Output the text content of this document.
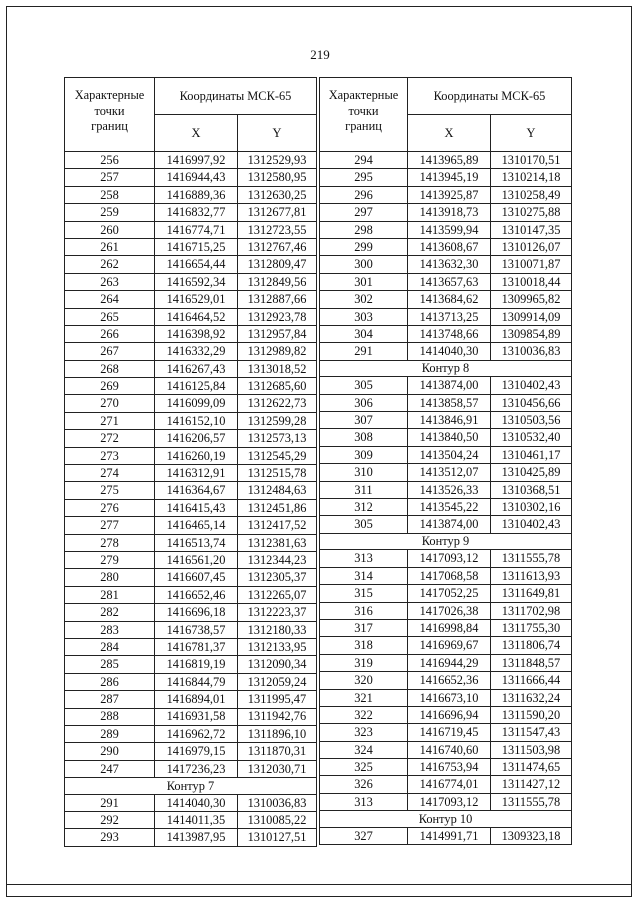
219
Характерные
точки
границ	Координаты МСК-65	
	X	Y
256	1416997,92	1312529,93
257	1416944,43	1312580,95
258	1416889,36	1312630,25
259	1416832,77	1312677,81
260	1416774,71	1312723,55
261	1416715,25	1312767,46
262	1416654,44	1312809,47
263	1416592,34	1312849,56
264	1416529,01	1312887,66
265	1416464,52	1312923,78
266	1416398,92	1312957,84
267	1416332,29	1312989,82
268	1416267,43	1313018,52
269	1416125,84	1312685,60
270	1416099,09	1312622,73
271	1416152,10	1312599,28
272	1416206,57	1312573,13
273	1416260,19	1312545,29
274	1416312,91	1312515,78
275	1416364,67	1312484,63
276	1416415,43	1312451,86
277	1416465,14	1312417,52
278	1416513,74	1312381,63
279	1416561,20	1312344,23
280	1416607,45	1312305,37
281	1416652,46	1312265,07
282	1416696,18	1312223,37
283	1416738,57	1312180,33
284	1416781,37	1312133,95
285	1416819,19	1312090,34
286	1416844,79	1312059,24
287	1416894,01	1311995,47
288	1416931,58	1311942,76
289	1416962,72	1311896,10
290	1416979,15	1311870,31
247	1417236,23	1312030,71
Контур 7		
291	1414040,30	1310036,83
292	1414011,35	1310085,22
293	1413987,95	1310127,51
Характерные
точки
границ	Координаты МСК-65	
	X	Y
294	1413965,89	1310170,51
295	1413945,19	1310214,18
296	1413925,87	1310258,49
297	1413918,73	1310275,88
298	1413599,94	1310147,35
299	1413608,67	1310126,07
300	1413632,30	1310071,87
301	1413657,63	1310018,44
302	1413684,62	1309965,82
303	1413713,25	1309914,09
304	1413748,66	1309854,89
291	1414040,30	1310036,83
Контур 8		
305	1413874,00	1310402,43
306	1413858,57	1310456,66
307	1413846,91	1310503,56
308	1413840,50	1310532,40
309	1413504,24	1310461,17
310	1413512,07	1310425,89
311	1413526,33	1310368,51
312	1413545,22	1310302,16
305	1413874,00	1310402,43
Контур 9		
313	1417093,12	1311555,78
314	1417068,58	1311613,93
315	1417052,25	1311649,81
316	1417026,38	1311702,98
317	1416998,84	1311755,30
318	1416969,67	1311806,74
319	1416944,29	1311848,57
320	1416652,36	1311666,44
321	1416673,10	1311632,24
322	1416696,94	1311590,20
323	1416719,45	1311547,43
324	1416740,60	1311503,98
325	1416753,94	1311474,65
326	1416774,01	1311427,12
313	1417093,12	1311555,78
Контур 10		
327	1414991,71	1309323,18
